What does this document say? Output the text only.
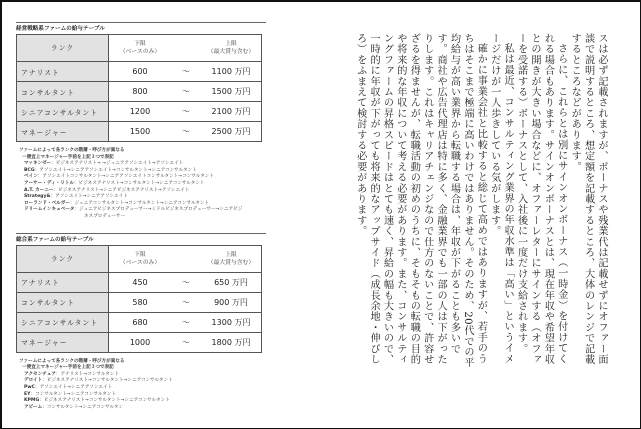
経営戦略系ファームの給与テーブル
ランク	下限
（ベースのみ）		上限
（最大賞与含む）
アナリスト	600	〜	1100 万円
コンサルタント	800	〜	1500 万円
シニアコンサルタント	1200	〜	2100 万円
マネージャー	1500	〜	2500 万円
ファームによって各ランクの階層・呼び方が異なる
一便宜上マネージャー手前を上記３つで表記
マッキンゼー：ビジネスアナリスト→ →ジュニアアソシエイト→アソシエイト
BCG：アソシエイト→シニアアソシエイト→コンサルタント→シニアコンサルタント
ベイン：アソシエイトコンサルタント→シニアアソシエイトコンサルタント→コンサルタント
アーサー・ディ・リトル：ビジネスアナリスト→コンサルタント→シニアコンサルタント
A.T. カーニー：ビジネスアナリスト→シニアビジネスアナリスト→アソシエイト
Strategy&：アソシエイト→シニアアソシエイト
ローランド・ベルガー：ジュニアコンサルタント→コンサルタント→シニアコンサルタント
ドリームインキュベータ：ジュニアビジネスプロデューサー→ミドルビジネスプロデューサー→シニアビジ
ネスプロデューサー
総合系ファームの給与テーブル
ランク	下限
（ベースのみ）		上限
（最大賞与含む）
アナリスト	450	〜	650 万円
コンサルタント	580	〜	900 万円
シニアコンサルタント	680	〜	1300 万円
マネージャー	1000	〜	1800 万円
ファームによって各ランクの階層・呼び方が異なる
一便宜上マネージャー手前を上記３つで表記
アクセンチュア：アナリスト→コンサルタント
デロイト：ビジネスアナリスト→コンサルタント→シニアコンサルタント
PwC：アソシエイト→シニアアソシエイト
EY：コンサルタント→シニアコンサルタント
KPMG：ビジネスアナリスト→コンサルタント→シニアコンサルタント
アビーム：コンサルタント→シニアコンサルタン

スは必ず記載されますが、ボーナスや残業代は記載せずにオファー面談で説明するところ、想定額を記載するところ、大体のレンジで記載するところなどがあります。

さらに、これらとは別にサインオンボーナス（一時金）を付けてくれる場合もあります。サインオンボーナスとは、現在年収や希望年収との開きが大きい場合などに、オファーレターにサインする（オファーを受諾する）ボーナスとして、入社後に一度だけ支給されます。

私は最近、コンサルティング業界の年収水準は「高い」というイメージだけが一人歩きしている気がします。

確かに事業会社と比較すると総じて高めではありますが、若手のうちはそこまで極端に高いわけではありません。そのため、20代での平均給与が高い業界から転職する場合は、年収が下がることも多いです。商社や広告代理店は特に多く、金融業界でも一部の人は下がったりします。これはキャリアチェンジなので仕方のないことで、許容せざるを得ませんが、転職活動の初めのうちに、そもそもの転職の目的や将来的な年収について考える必要があります。また、コンサルティングファームの昇格スピードはとても速く、昇給の幅も大きいので、一時的に年収が下がっても将来的なアップサイド（成長余地・伸びしろ）をふまえて検討する必要があります。
